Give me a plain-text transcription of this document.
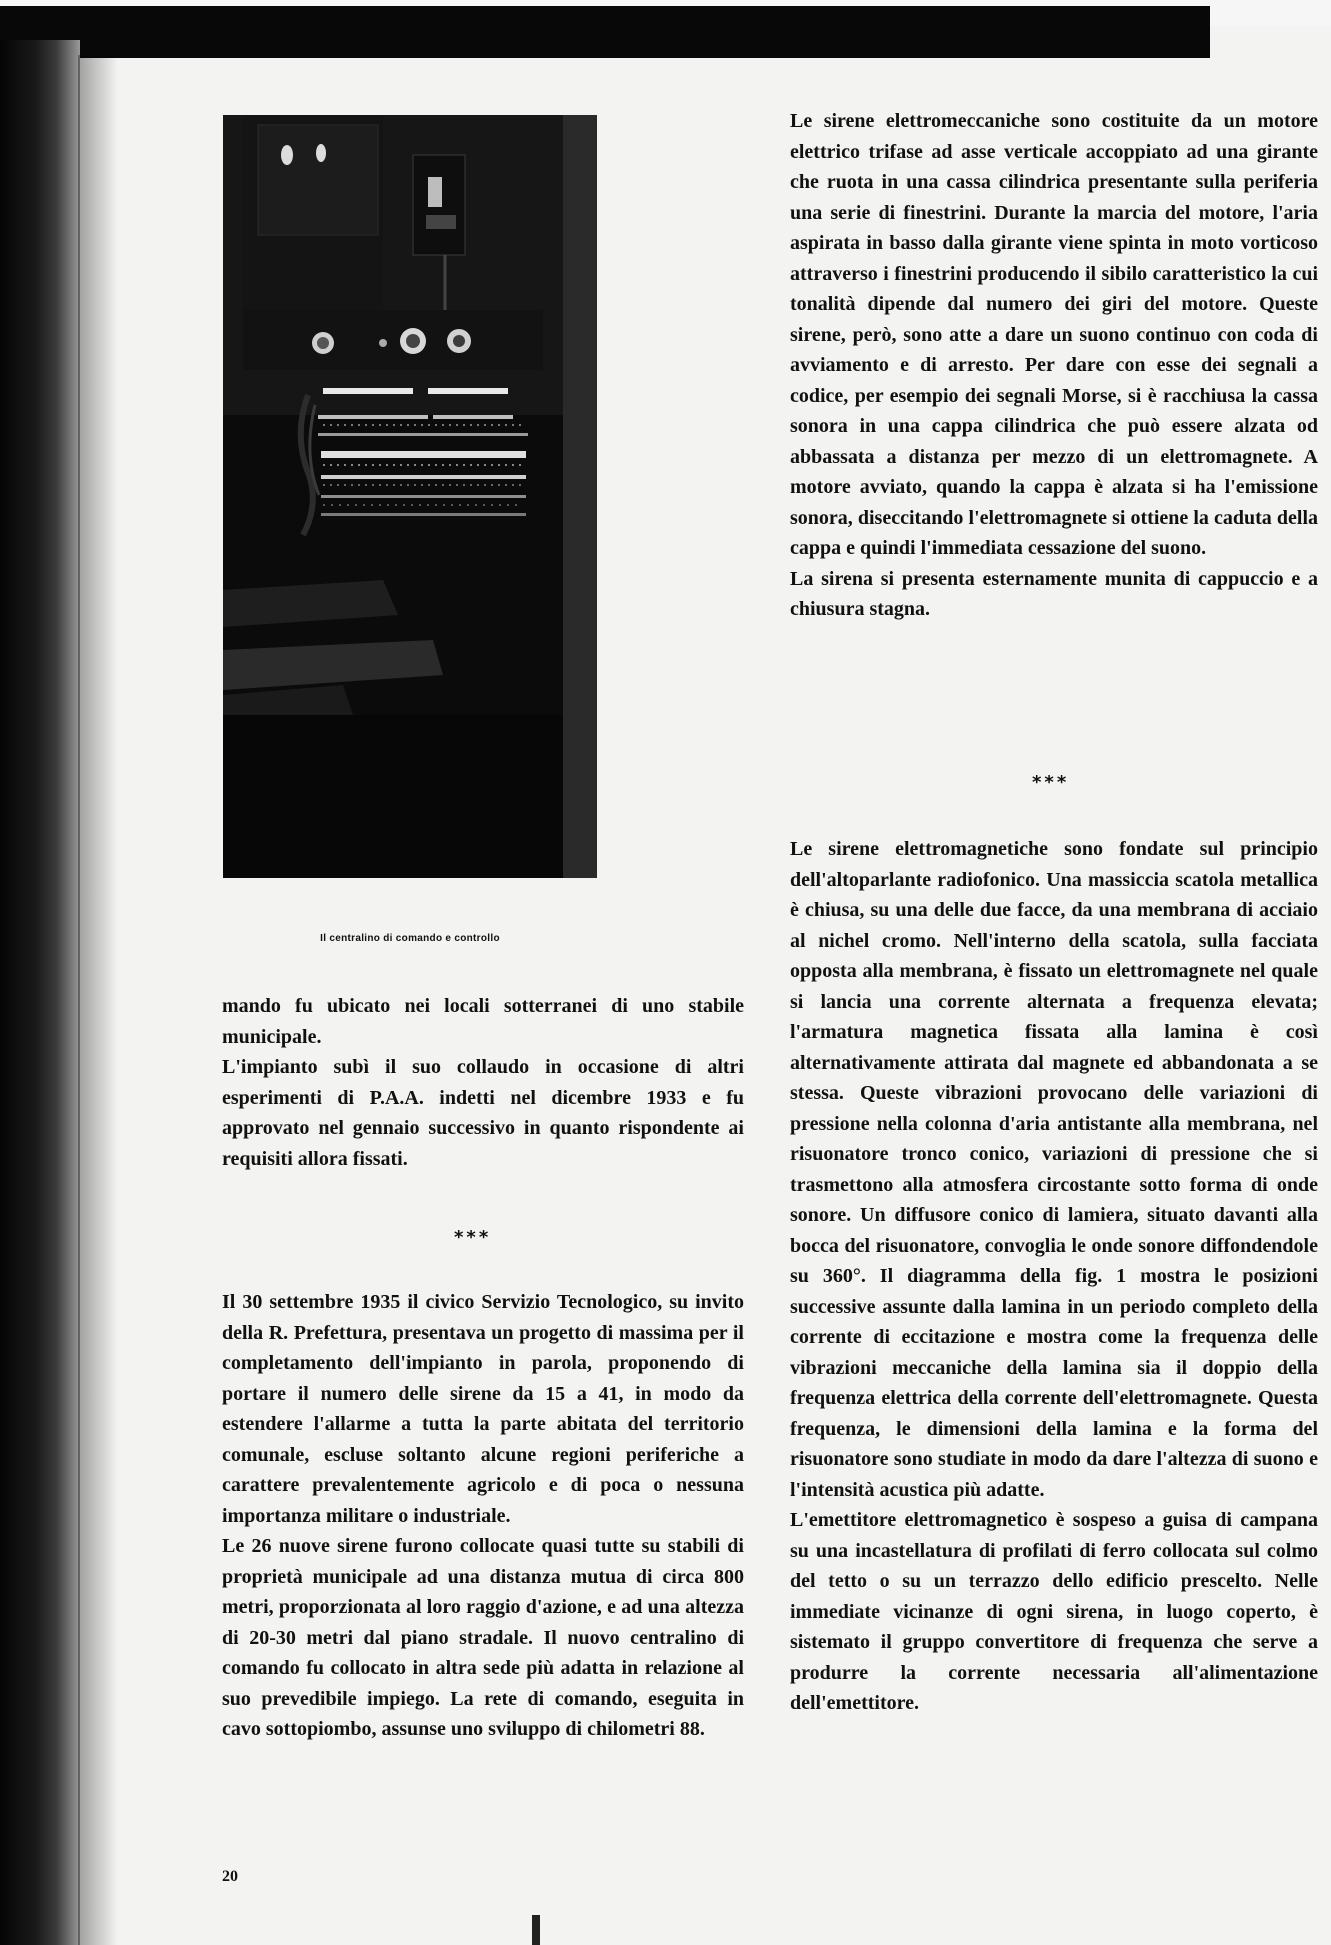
Il centralino di comando e controllo

Le sirene elettromeccaniche sono costituite da un motore elettrico trifase ad asse verticale accoppiato ad una girante che ruota in una cassa cilindrica presentante sulla periferia una serie di finestrini. Durante la marcia del motore, l'aria aspirata in basso dalla girante viene spinta in moto vorticoso attraverso i finestrini producendo il sibilo caratteristico la cui tonalità dipende dal numero dei giri del motore. Queste sirene, però, sono atte a dare un suono continuo con coda di avviamento e di arresto. Per dare con esse dei segnali a codice, per esempio dei segnali Morse, si è racchiusa la cassa sonora in una cappa cilindrica che può essere alzata od abbassata a distanza per mezzo di un elettromagnete. A motore avviato, quando la cappa è alzata si ha l'emissione sonora, diseccitando l'elettromagnete si ottiene la caduta della cappa e quindi l'immediata cessazione del suono.

La sirena si presenta esternamente munita di cappuccio e a chiusura stagna.

***

Le sirene elettromagnetiche sono fondate sul principio dell'altoparlante radiofonico. Una massiccia scatola metallica è chiusa, su una delle due facce, da una membrana di acciaio al nichel cromo. Nell'interno della scatola, sulla facciata opposta alla membrana, è fissato un elettromagnete nel quale si lancia una corrente alternata a frequenza elevata; l'armatura magnetica fissata alla lamina è così alternativamente attirata dal magnete ed abbandonata a se stessa. Queste vibrazioni provocano delle variazioni di pressione nella colonna d'aria antistante alla membrana, nel risuonatore tronco conico, variazioni di pressione che si trasmettono alla atmosfera circostante sotto forma di onde sonore. Un diffusore conico di lamiera, situato davanti alla bocca del risuonatore, convoglia le onde sonore diffondendole su 360°. Il diagramma della fig. 1 mostra le posizioni successive assunte dalla lamina in un periodo completo della corrente di eccitazione e mostra come la frequenza delle vibrazioni meccaniche della lamina sia il doppio della frequenza elettrica della corrente dell'elettromagnete. Questa frequenza, le dimensioni della lamina e la forma del risuonatore sono studiate in modo da dare l'altezza di suono e l'intensità acustica più adatte.

L'emettitore elettromagnetico è sospeso a guisa di campana su una incastellatura di profilati di ferro collocata sul colmo del tetto o su un terrazzo dello edificio prescelto. Nelle immediate vicinanze di ogni sirena, in luogo coperto, è sistemato il gruppo convertitore di frequenza che serve a produrre la corrente necessaria all'alimentazione dell'emettitore.

mando fu ubicato nei locali sotterranei di uno stabile municipale.

L'impianto subì il suo collaudo in occasione di altri esperimenti di P.A.A. indetti nel dicembre 1933 e fu approvato nel gennaio successivo in quanto rispondente ai requisiti allora fissati.

***

Il 30 settembre 1935 il civico Servizio Tecnologico, su invito della R. Prefettura, presentava un progetto di massima per il completamento dell'impianto in parola, proponendo di portare il numero delle sirene da 15 a 41, in modo da estendere l'allarme a tutta la parte abitata del territorio comunale, escluse soltanto alcune regioni periferiche a carattere prevalentemente agricolo e di poca o nessuna importanza militare o industriale.

Le 26 nuove sirene furono collocate quasi tutte su stabili di proprietà municipale ad una distanza mutua di circa 800 metri, proporzionata al loro raggio d'azione, e ad una altezza di 20-30 metri dal piano stradale. Il nuovo centralino di comando fu collocato in altra sede più adatta in relazione al suo prevedibile impiego. La rete di comando, eseguita in cavo sottopiombo, assunse uno sviluppo di chilometri 88.

20
